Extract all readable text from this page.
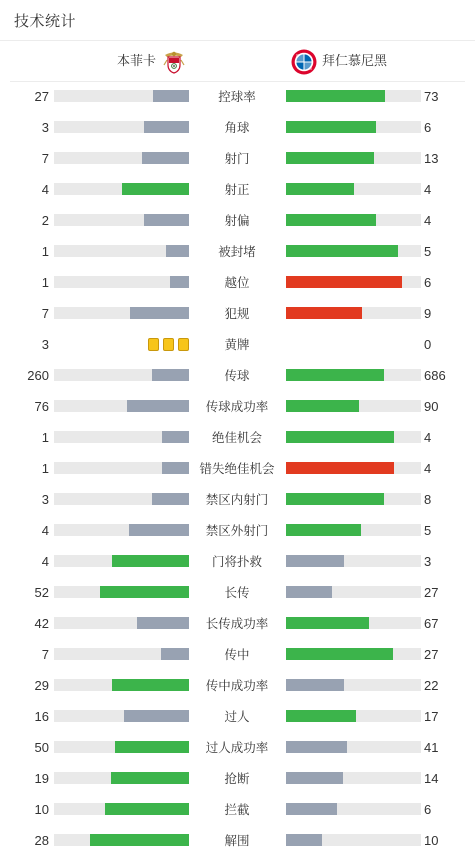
技术统计
本菲卡	拜仁慕尼黑
27	控球率	73
3	角球	6
7	射门	13
4	射正	4
2	射偏	4
1	被封堵	5
1	越位	6
7	犯规	9
3	黄牌	0
260	传球	686
76	传球成功率	90
1	绝佳机会	4
1	错失绝佳机会	4
3	禁区内射门	8
4	禁区外射门	5
4	门将扑救	3
52	长传	27
42	长传成功率	67
7	传中	27
29	传中成功率	22
16	过人	17
50	过人成功率	41
19	抢断	14
10	拦截	6
28	解围	10
